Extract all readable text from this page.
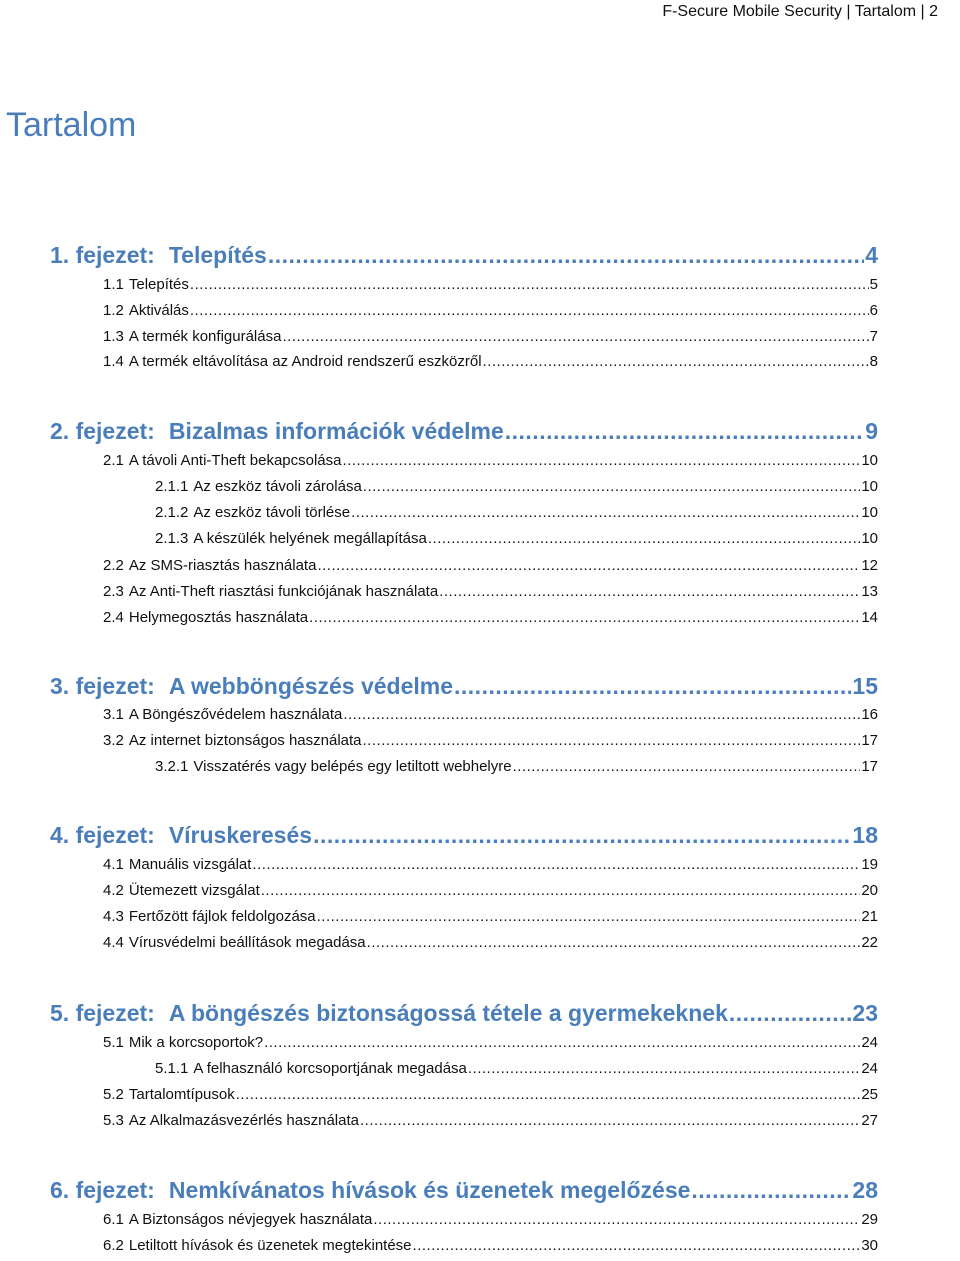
F-Secure Mobile Security | Tartalom | 2
Tartalom
1. fejezet: Telepítés .....	4
1.1 Telepítés .....	5
1.2 Aktiválás .....	6
1.3 A termék konfigurálása .....	7
1.4 A termék eltávolítása az Android rendszerű eszközről .....	8
2. fejezet: Bizalmas információk védelme .....	9
2.1 A távoli Anti-Theft bekapcsolása .....	10
2.1.1 Az eszköz távoli zárolása .....	10
2.1.2 Az eszköz távoli törlése .....	10
2.1.3 A készülék helyének megállapítása .....	10
2.2 Az SMS-riasztás használata .....	12
2.3 Az Anti-Theft riasztási funkciójának használata .....	13
2.4 Helymegosztás használata .....	14
3. fejezet: A webböngészés védelme .....	15
3.1 A Böngészővédelem használata .....	16
3.2 Az internet biztonságos használata .....	17
3.2.1 Visszatérés vagy belépés egy letiltott webhelyre .....	17
4. fejezet: Víruskeresés .....	18
4.1 Manuális vizsgálat .....	19
4.2 Ütemezett vizsgálat .....	20
4.3 Fertőzött fájlok feldolgozása .....	21
4.4 Vírusvédelmi beállítások megadása .....	22
5. fejezet: A böngészés biztonságossá tétele a gyermekeknek .....	23
5.1 Mik a korcsoportok? .....	24
5.1.1 A felhasználó korcsoportjának megadása .....	24
5.2 Tartalomtípusok .....	25
5.3 Az Alkalmazásvezérlés használata .....	27
6. fejezet: Nemkívánatos hívások és üzenetek megelőzése .....	28
6.1 A Biztonságos névjegyek használata .....	29
6.2 Letiltott hívások és üzenetek megtekintése .....	30
